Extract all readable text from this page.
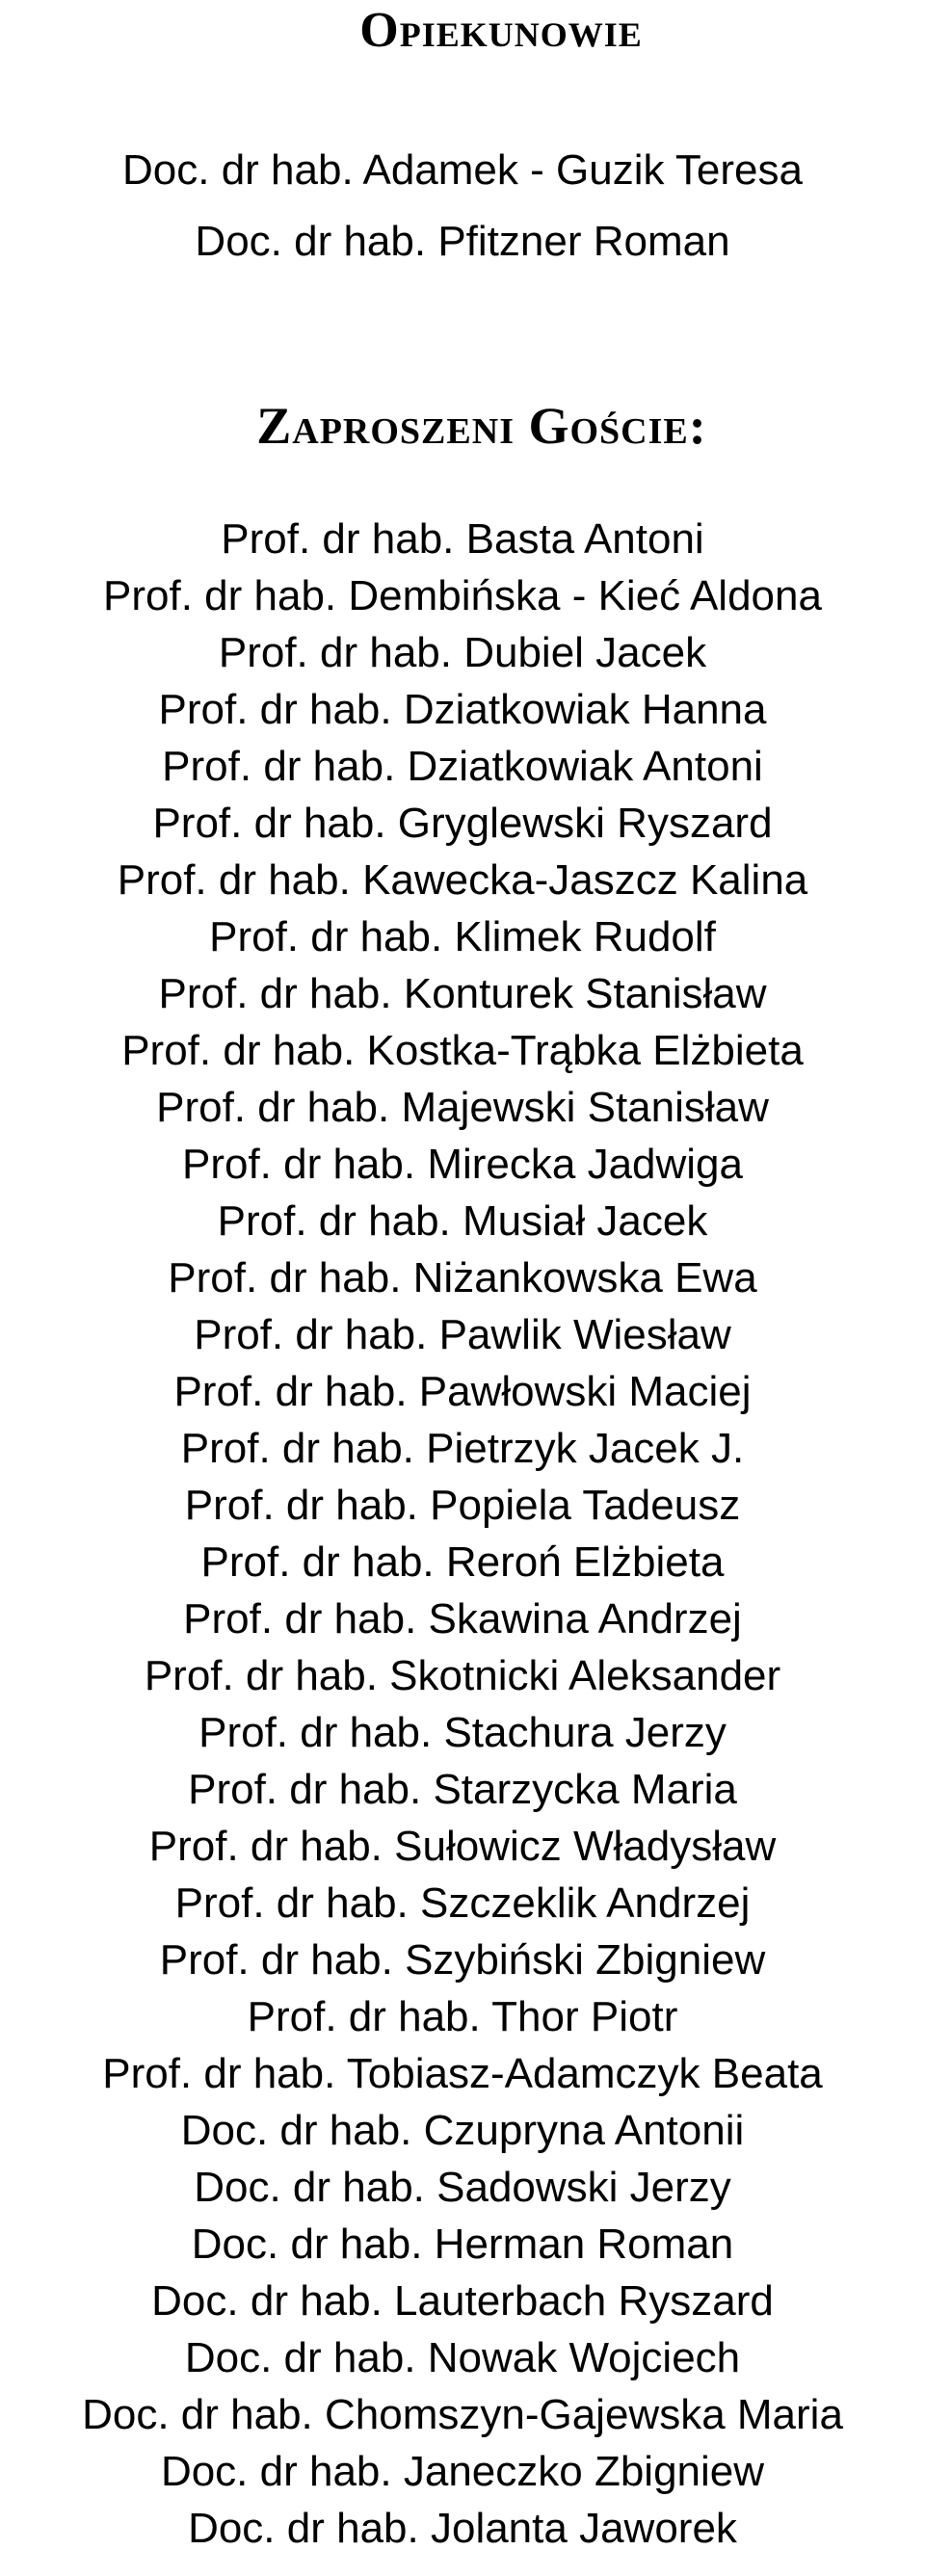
Opiekunowie
Doc. dr hab. Adamek - Guzik Teresa
Doc. dr hab. Pfitzner Roman
Zaproszeni Goście:
Prof. dr hab. Basta Antoni
Prof. dr hab. Dembińska - Kieć Aldona
Prof. dr hab. Dubiel Jacek
Prof. dr hab. Dziatkowiak Hanna
Prof. dr hab. Dziatkowiak Antoni
Prof. dr hab. Gryglewski Ryszard
Prof. dr hab. Kawecka-Jaszcz Kalina
Prof. dr hab. Klimek Rudolf
Prof. dr hab. Konturek Stanisław
Prof. dr hab. Kostka-Trąbka Elżbieta
Prof. dr hab. Majewski Stanisław
Prof. dr hab. Mirecka Jadwiga
Prof. dr hab. Musiał Jacek
Prof. dr hab. Niżankowska Ewa
Prof. dr hab. Pawlik Wiesław
Prof. dr hab. Pawłowski Maciej
Prof. dr hab. Pietrzyk Jacek J.
Prof. dr hab. Popiela Tadeusz
Prof. dr hab. Reroń Elżbieta
Prof. dr hab. Skawina Andrzej
Prof. dr hab. Skotnicki Aleksander
Prof. dr hab. Stachura Jerzy
Prof. dr hab. Starzycka Maria
Prof. dr hab. Sułowicz Władysław
Prof. dr hab. Szczeklik Andrzej
Prof. dr hab. Szybiński Zbigniew
Prof. dr hab. Thor Piotr
Prof. dr hab. Tobiasz-Adamczyk Beata
Doc. dr hab. Czupryna Antonii
Doc. dr hab. Sadowski Jerzy
Doc. dr hab. Herman Roman
Doc. dr hab. Lauterbach Ryszard
Doc. dr hab. Nowak Wojciech
Doc. dr hab. Chomszyn-Gajewska Maria
Doc. dr hab. Janeczko Zbigniew
Doc. dr hab. Jolanta Jaworek
